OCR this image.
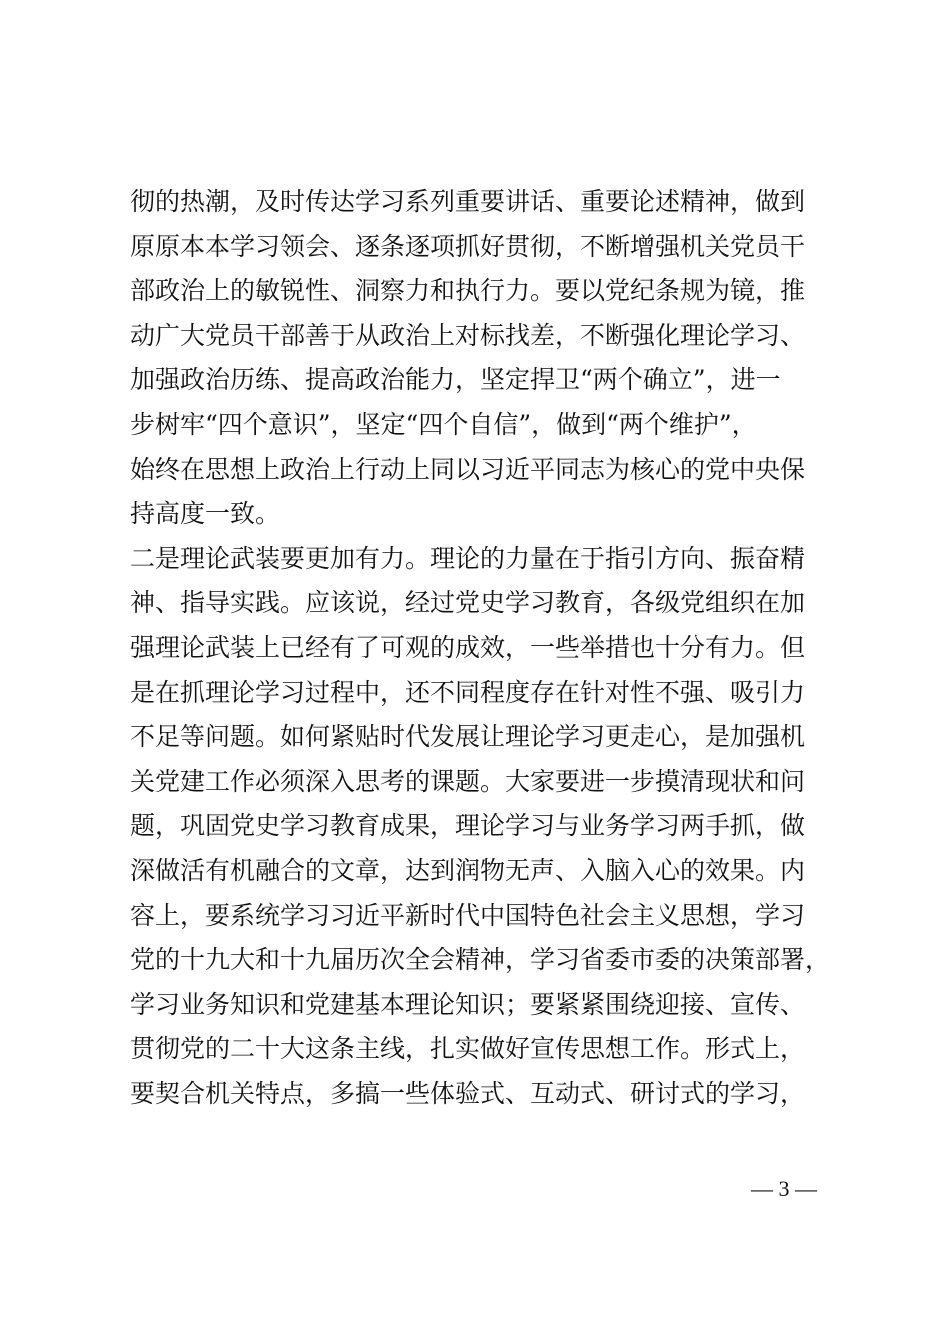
彻的热潮，及时传达学习系列重要讲话、重要论述精神，做到
原原本本学习领会、逐条逐项抓好贯彻，不断增强机关党员干
部政治上的敏锐性、洞察力和执行力。要以党纪条规为镜，推
动广大党员干部善于从政治上对标找差，不断强化理论学习、
加强政治历练、提高政治能力，坚定捍卫“两个确立”，进一
步树牢“四个意识”，坚定“四个自信”，做到“两个维护”，
始终在思想上政治上行动上同以习近平同志为核心的党中央保
持高度一致。
二是理论武装要更加有力。理论的力量在于指引方向、振奋精
神、指导实践。应该说，经过党史学习教育，各级党组织在加
强理论武装上已经有了可观的成效，一些举措也十分有力。但
是在抓理论学习过程中，还不同程度存在针对性不强、吸引力
不足等问题。如何紧贴时代发展让理论学习更走心，是加强机
关党建工作必须深入思考的课题。大家要进一步摸清现状和问
题，巩固党史学习教育成果，理论学习与业务学习两手抓，做
深做活有机融合的文章，达到润物无声、入脑入心的效果。内
容上，要系统学习习近平新时代中国特色社会主义思想，学习
党的十九大和十九届历次全会精神，学习省委市委的决策部署，
学习业务知识和党建基本理论知识；要紧紧围绕迎接、宣传、
贯彻党的二十大这条主线，扎实做好宣传思想工作。形式上，
要契合机关特点，多搞一些体验式、互动式、研讨式的学习，
— 3 —
